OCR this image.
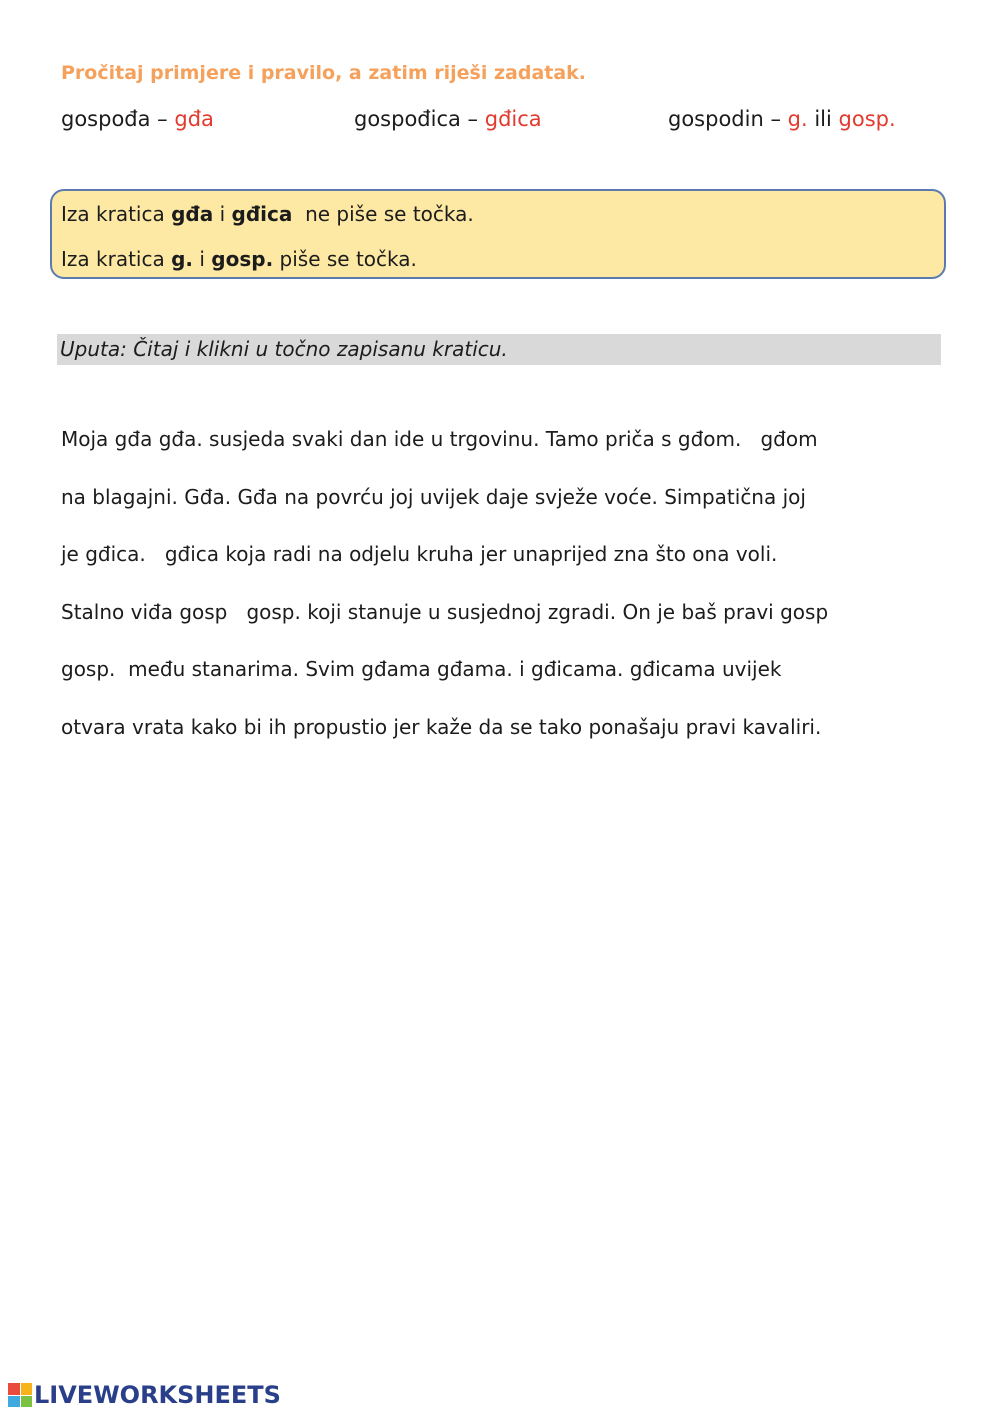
Pročitaj primjere i pravilo, a zatim riješi zadatak.
gospođa – gđa	gospođica – gđica	gospodin – g. ili gosp.
Iza kratica gđa i gđica ne piše se točka.
Iza kratica g. i gosp. piše se točka.
Uputa: Čitaj i klikni u točno zapisanu kraticu.
Moja gđa gđa. susjeda svaki dan ide u trgovinu. Tamo priča s gđom. gđom
na blagajni. Gđa. Gđa na povrću joj uvijek daje svježe voće. Simpatična joj
je gđica. gđica koja radi na odjelu kruha jer unaprijed zna što ona voli.
Stalno viđa gosp gosp. koji stanuje u susjednoj zgradi. On je baš pravi gosp
gosp.  među stanarima. Svim gđama gđama. i gđicama. gđicama uvijek
otvara vrata kako bi ih propustio jer kaže da se tako ponašaju pravi kavaliri.
LIVEWORKSHEETS
